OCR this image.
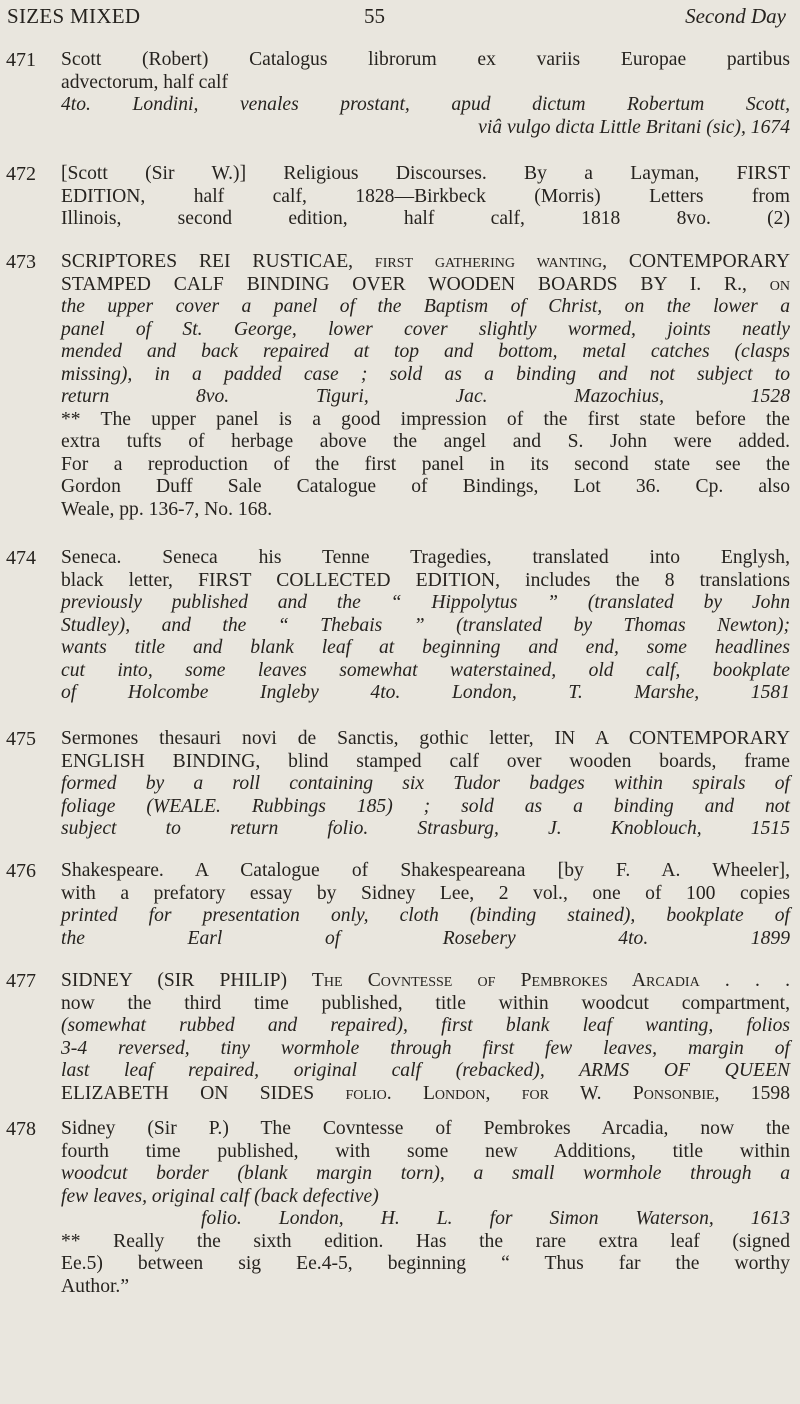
SIZES MIXED	55	Second Day
471 Scott (Robert) Catalogus librorum ex variis Europae partibus
advectorum, half calf
4to. Londini, venales prostant, apud dictum Robertum Scott,
viâ vulgo dicta Little Britani (sic), 1674
472 [Scott (Sir W.)] Religious Discourses. By a Layman, FIRST
EDITION, half calf, 1828—Birkbeck (Morris) Letters from
Illinois, second edition, half calf, 1818 8vo. (2)
473 SCRIPTORES REI RUSTICAE, first gathering wanting, CONTEMPORARY
STAMPED CALF BINDING OVER WOODEN BOARDS BY I. R., on
the upper cover a panel of the Baptism of Christ, on the lower a
panel of St. George, lower cover slightly wormed, joints neatly
mended and back repaired at top and bottom, metal catches (clasps
missing), in a padded case ; sold as a binding and not subject to
return 8vo. Tiguri, Jac. Mazochius, 1528
** The upper panel is a good impression of the first state before the
extra tufts of herbage above the angel and S. John were added.
For a reproduction of the first panel in its second state see the
Gordon Duff Sale Catalogue of Bindings, Lot 36. Cp. also
Weale, pp. 136-7, No. 168.
474 Seneca. Seneca his Tenne Tragedies, translated into Englysh,
black letter, FIRST COLLECTED EDITION, includes the 8 translations
previously published and the “ Hippolytus ” (translated by John
Studley), and the “ Thebais ” (translated by Thomas Newton);
wants title and blank leaf at beginning and end, some headlines
cut into, some leaves somewhat waterstained, old calf, bookplate
of Holcombe Ingleby 4to. London, T. Marshe, 1581
475 Sermones thesauri novi de Sanctis, gothic letter, IN A CONTEMPORARY
ENGLISH BINDING, blind stamped calf over wooden boards, frame
formed by a roll containing six Tudor badges within spirals of
foliage (WEALE. Rubbings 185) ; sold as a binding and not
subject to return folio. Strasburg, J. Knoblouch, 1515
476 Shakespeare. A Catalogue of Shakespeareana [by F. A. Wheeler],
with a prefatory essay by Sidney Lee, 2 vol., one of 100 copies
printed for presentation only, cloth (binding stained), bookplate of
the Earl of Rosebery 4to. 1899
477 SIDNEY (SIR PHILIP) The Covntesse of Pembrokes Arcadia . . .
now the third time published, title within woodcut compartment,
(somewhat rubbed and repaired), first blank leaf wanting, folios
3-4 reversed, tiny wormhole through first few leaves, margin of
last leaf repaired, original calf (rebacked), ARMS OF QUEEN
ELIZABETH ON SIDES folio. London, for W. Ponsonbie, 1598
478 Sidney (Sir P.) The Covntesse of Pembrokes Arcadia, now the
fourth time published, with some new Additions, title within
woodcut border (blank margin torn), a small wormhole through a
few leaves, original calf (back defective)
folio. London, H. L. for Simon Waterson, 1613
** Really the sixth edition. Has the rare extra leaf (signed
Ee.5) between sig Ee.4-5, beginning “ Thus far the worthy
Author.”
